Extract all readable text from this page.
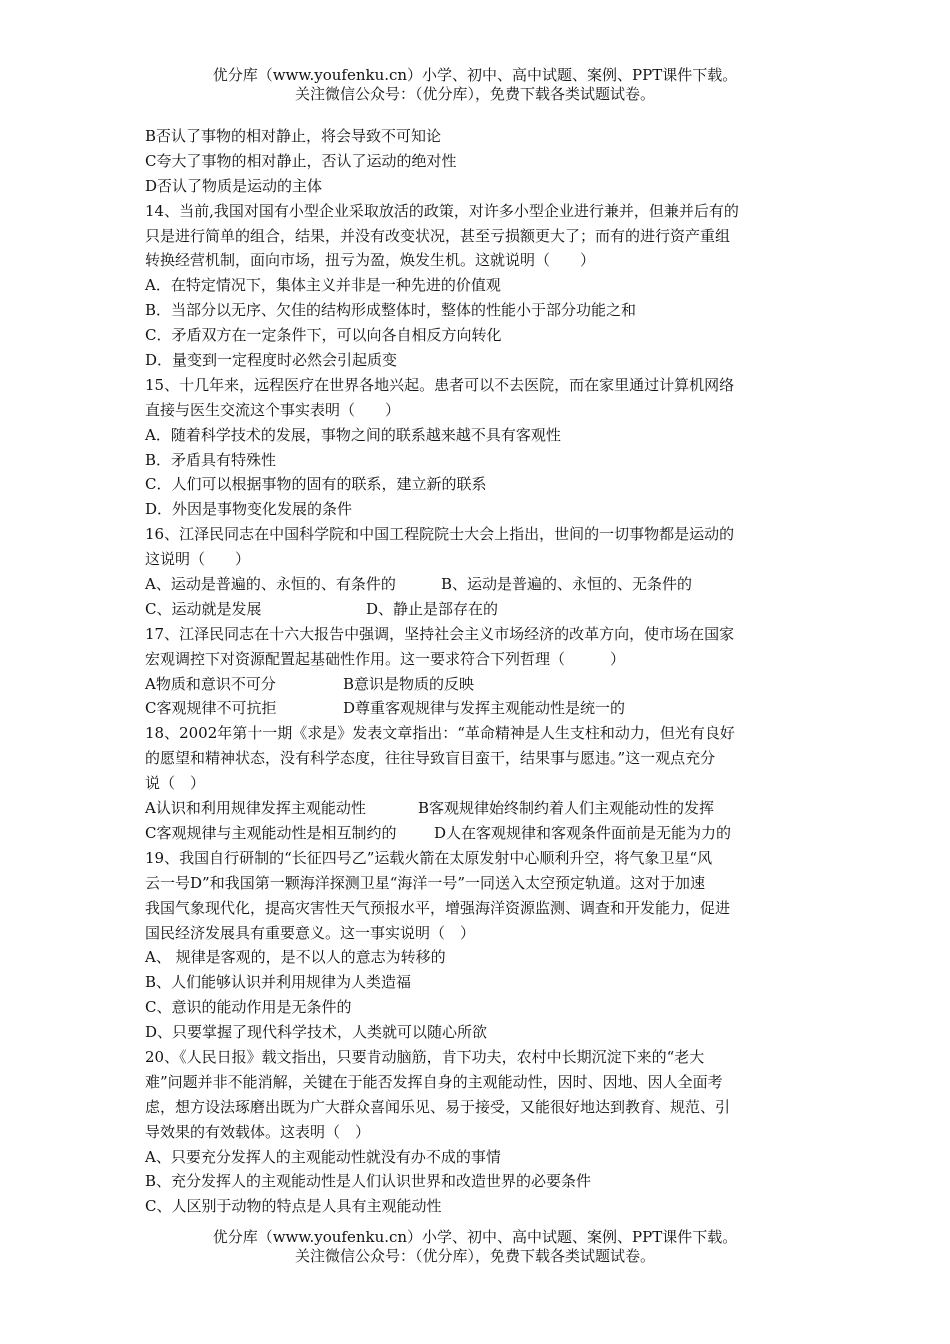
优分库（www.youfenku.cn）小学、初中、高中试题、案例、PPT课件下载。
关注微信公众号：（优分库），免费下载各类试题试卷。
B否认了事物的相对静止，将会导致不可知论
C夸大了事物的相对静止，否认了运动的绝对性
D否认了物质是运动的主体
14、当前,我国对国有小型企业采取放活的政策，对许多小型企业进行兼并，但兼并后有的
只是进行简单的组合，结果，并没有改变状况，甚至亏损额更大了；而有的进行资产重组
转换经营机制，面向市场，扭亏为盈，焕发生机。这就说明（　　）
A．在特定情况下，集体主义并非是一种先进的价值观
B．当部分以无序、欠佳的结构形成整体时，整体的性能小于部分功能之和
C．矛盾双方在一定条件下，可以向各自相反方向转化
D．量变到一定程度时必然会引起质变
15、十几年来，远程医疗在世界各地兴起。患者可以不去医院，而在家里通过计算机网络
直接与医生交流这个事实表明（　　）
A．随着科学技术的发展，事物之间的联系越来越不具有客观性
B．矛盾具有特殊性
C．人们可以根据事物的固有的联系，建立新的联系
D．外因是事物变化发展的条件
16、江泽民同志在中国科学院和中国工程院院士大会上指出，世间的一切事物都是运动的
这说明（　　）
A、运动是普遍的、永恒的、有条件的	B、运动是普遍的、永恒的、无条件的
C、运动就是发展	D、静止是部存在的
17、江泽民同志在十六大报告中强调，坚持社会主义市场经济的改革方向，使市场在国家
宏观调控下对资源配置起基础性作用。这一要求符合下列哲理（　　　）
A物质和意识不可分	B意识是物质的反映
C客观规律不可抗拒	D尊重客观规律与发挥主观能动性是统一的
18、2002年第十一期《求是》发表文章指出：“革命精神是人生支柱和动力，但光有良好
的愿望和精神状态，没有科学态度，往往导致盲目蛮干，结果事与愿违。”这一观点充分
说（　）
A认识和利用规律发挥主观能动性	B客观规律始终制约着人们主观能动性的发挥
C客观规律与主观能动性是相互制约的	D人在客观规律和客观条件面前是无能为力的
19、我国自行研制的“长征四号乙”运载火箭在太原发射中心顺利升空，将气象卫星“风
云一号D”和我国第一颗海洋探测卫星“海洋一号”一同送入太空预定轨道。这对于加速
我国气象现代化，提高灾害性天气预报水平，增强海洋资源监测、调查和开发能力，促进
国民经济发展具有重要意义。这一事实说明（　）
A、 规律是客观的，是不以人的意志为转移的
B、人们能够认识并利用规律为人类造福
C、意识的能动作用是无条件的
D、只要掌握了现代科学技术，人类就可以随心所欲
20、《人民日报》载文指出，只要肯动脑筋，肯下功夫，农村中长期沉淀下来的“老大
难”问题并非不能消解，关键在于能否发挥自身的主观能动性，因时、因地、因人全面考
虑，想方设法琢磨出既为广大群众喜闻乐见、易于接受，又能很好地达到教育、规范、引
导效果的有效载体。这表明（　）
A、只要充分发挥人的主观能动性就没有办不成的事情
B、充分发挥人的主观能动性是人们认识世界和改造世界的必要条件
C、人区别于动物的特点是人具有主观能动性
优分库（www.youfenku.cn）小学、初中、高中试题、案例、PPT课件下载。
关注微信公众号：（优分库），免费下载各类试题试卷。
